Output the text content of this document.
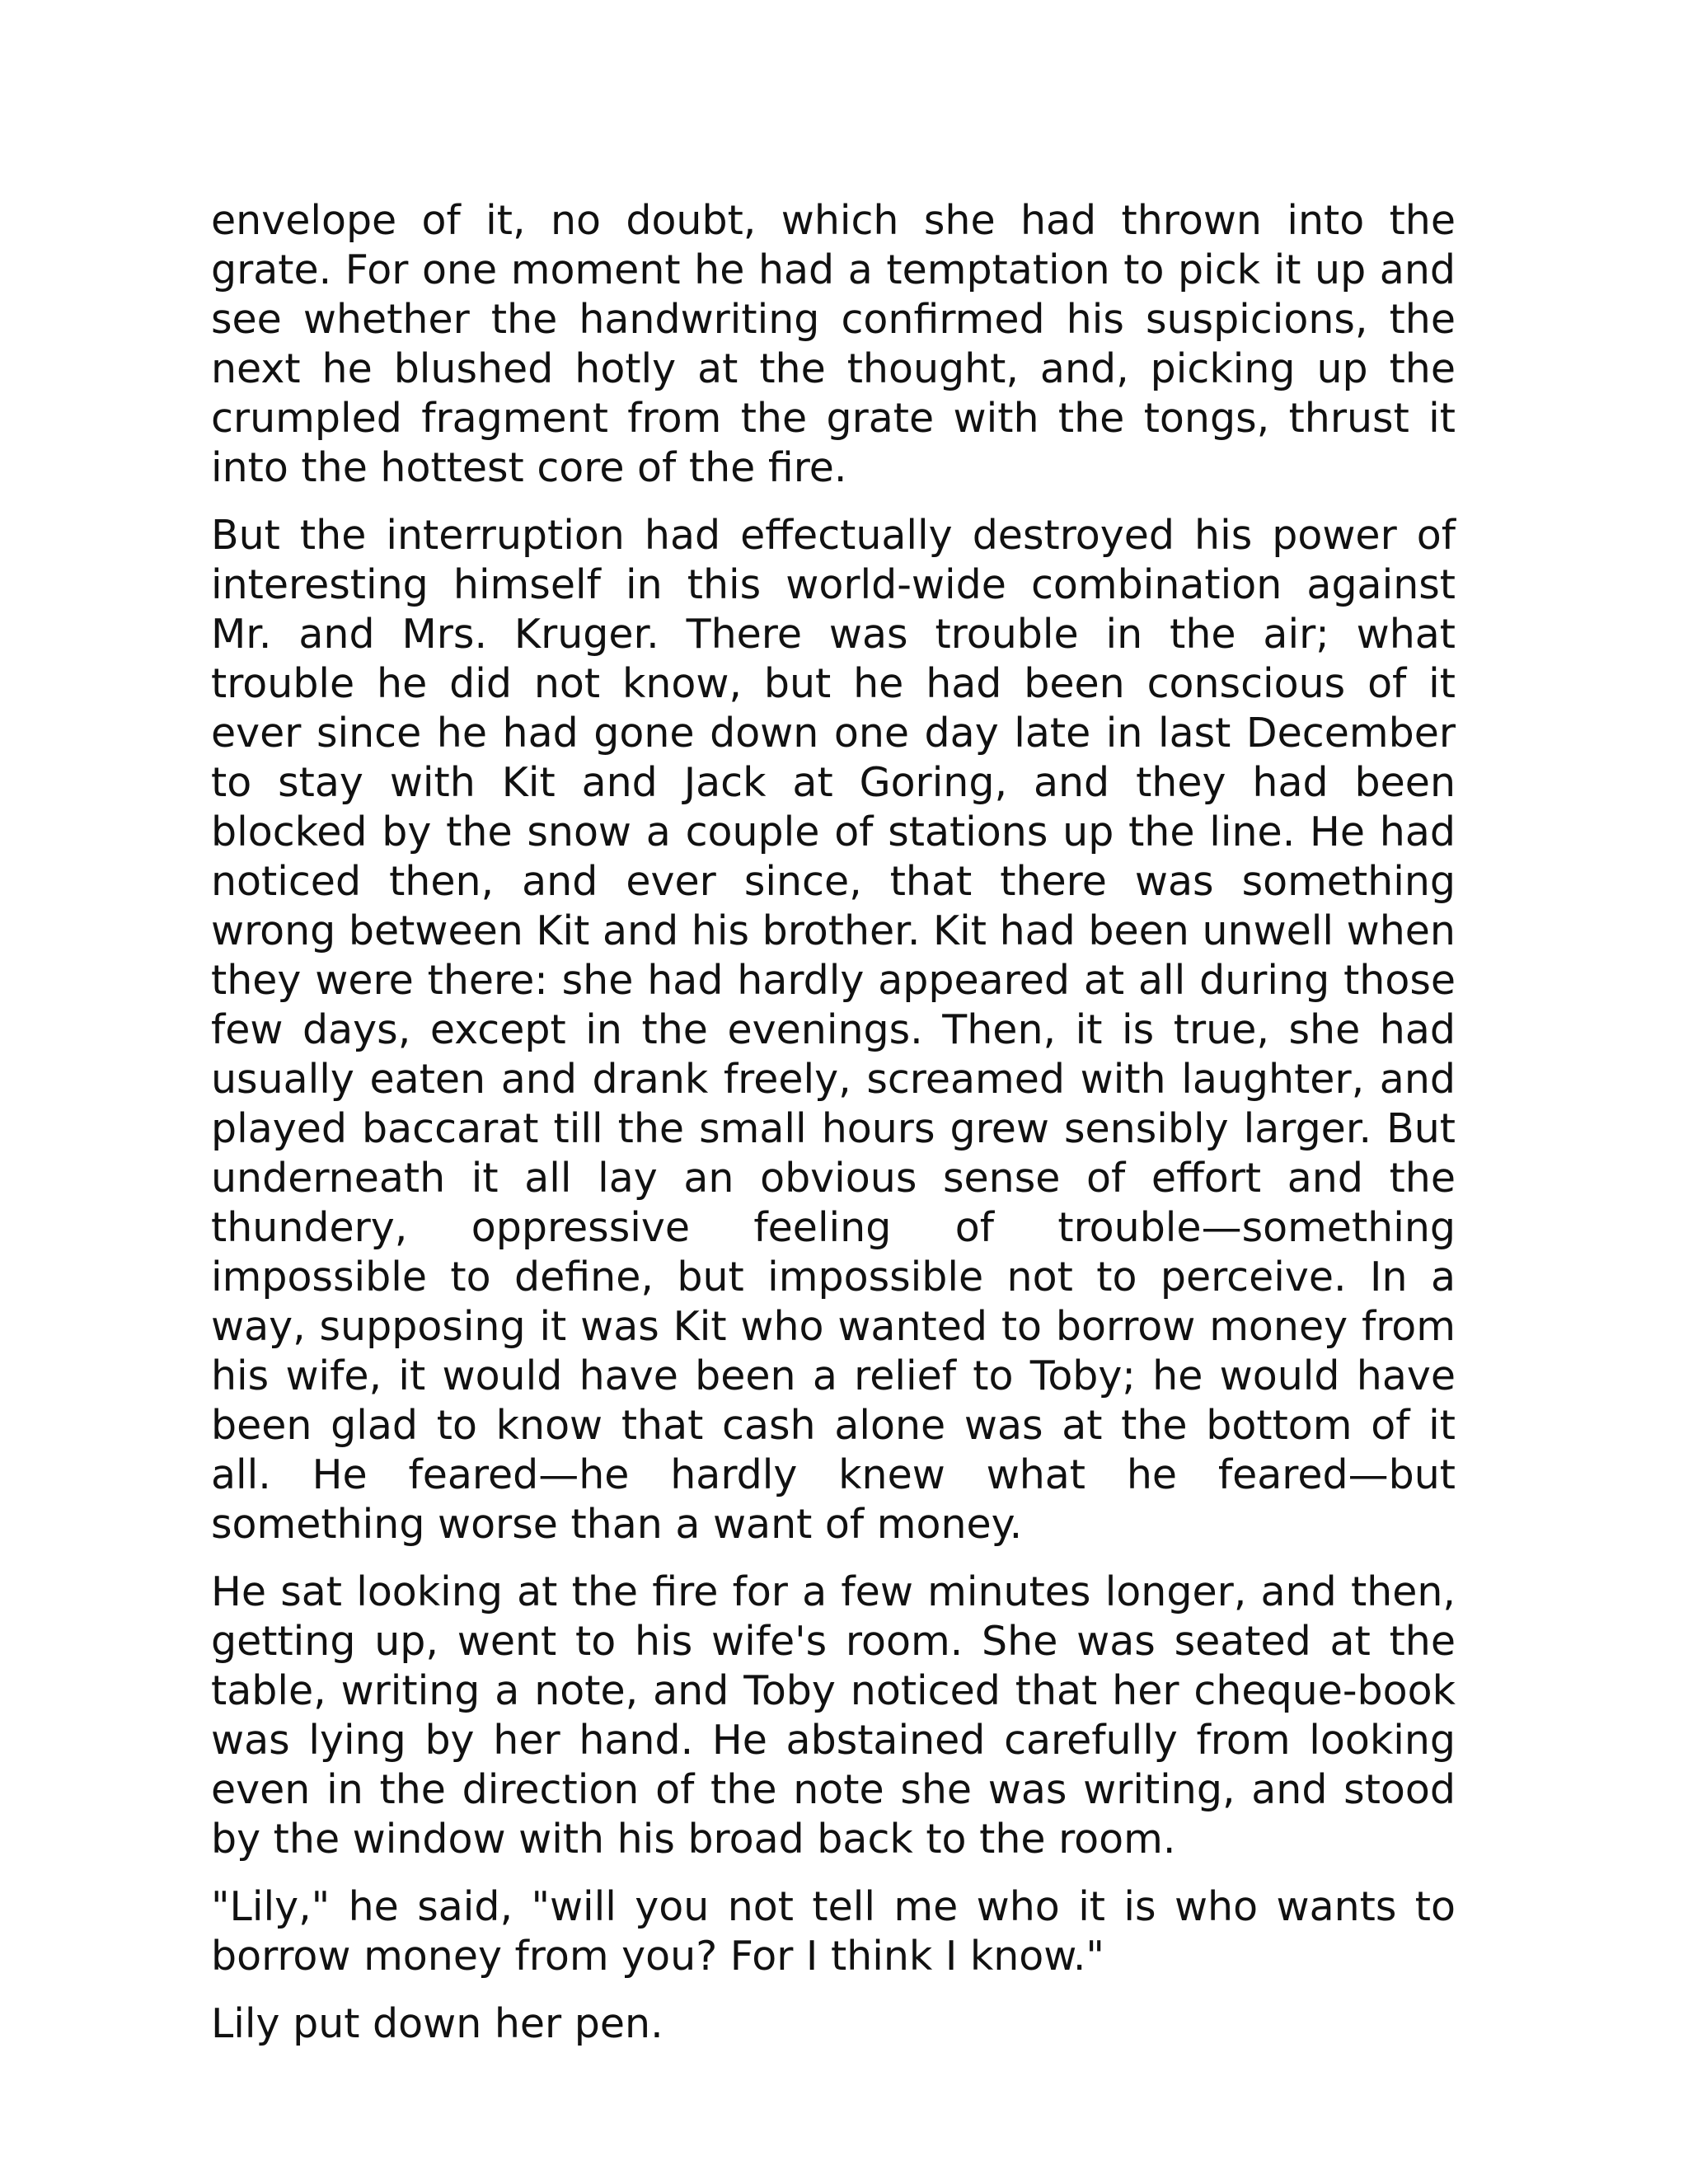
envelope of it, no doubt, which she had thrown into the grate. For one moment he had a temptation to pick it up and see whether the handwriting confirmed his suspicions, the next he blushed hotly at the thought, and, picking up the crumpled fragment from the grate with the tongs, thrust it into the hottest core of the fire.

But the interruption had effectually destroyed his power of interesting himself in this world-wide combination against Mr. and Mrs. Kruger. There was trouble in the air; what trouble he did not know, but he had been conscious of it ever since he had gone down one day late in last December to stay with Kit and Jack at Goring, and they had been blocked by the snow a couple of stations up the line. He had noticed then, and ever since, that there was something wrong between Kit and his brother. Kit had been unwell when they were there: she had hardly appeared at all during those few days, except in the evenings. Then, it is true, she had usually eaten and drank freely, screamed with laughter, and played baccarat till the small hours grew sensibly larger. But underneath it all lay an obvious sense of effort and the thundery, oppressive feeling of trouble—something impossible to define, but impossible not to perceive. In a way, supposing it was Kit who wanted to borrow money from his wife, it would have been a relief to Toby; he would have been glad to know that cash alone was at the bottom of it all. He feared—he hardly knew what he feared—but something worse than a want of money.

He sat looking at the fire for a few minutes longer, and then, getting up, went to his wife's room. She was seated at the table, writing a note, and Toby noticed that her cheque-book was lying by her hand. He abstained carefully from looking even in the direction of the note she was writing, and stood by the window with his broad back to the room.

"Lily," he said, "will you not tell me who it is who wants to borrow money from you? For I think I know."

Lily put down her pen.
